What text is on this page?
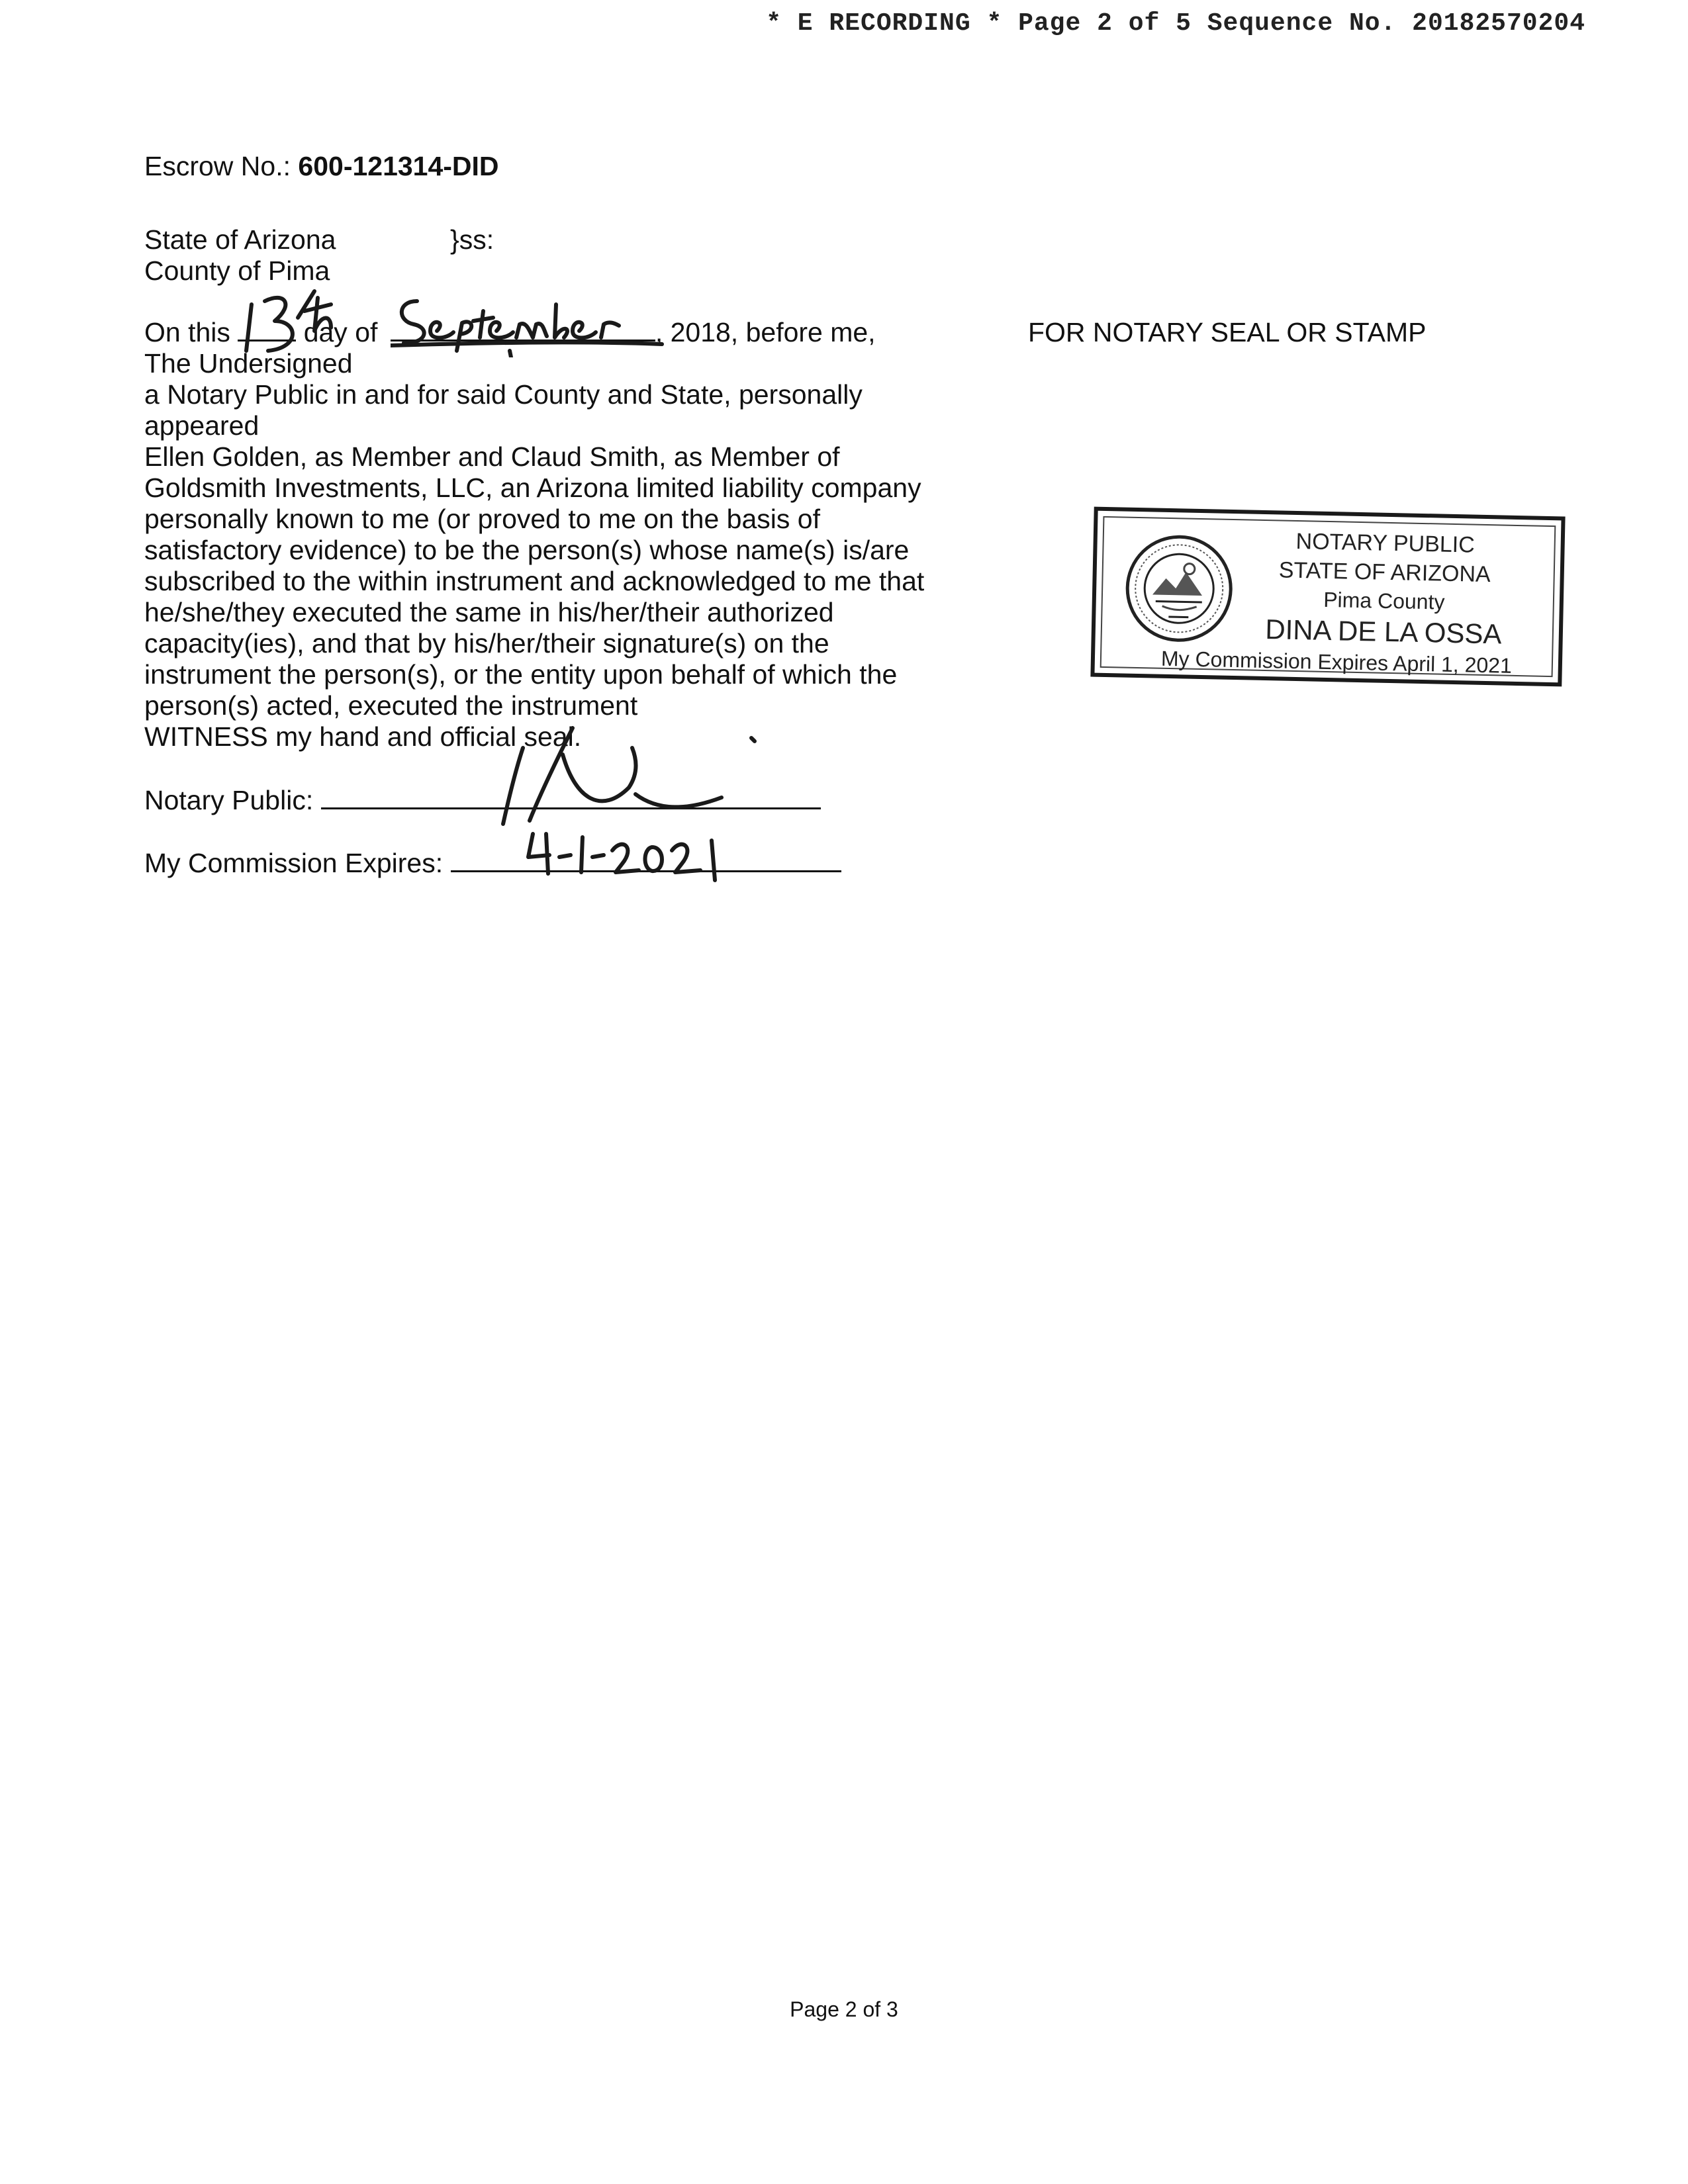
* E RECORDING * Page 2 of 5 Sequence No. 20182570204
Escrow No.: 600-121314-DID
State of Arizona	}ss:
County of Pima
On this	day of	, 2018, before me,
The Undersigned
a Notary Public in and for said County and State, personally
appeared
Ellen Golden, as Member and Claud Smith, as Member of
Goldsmith Investments, LLC, an Arizona limited liability company
personally known to me (or proved to me on the basis of
satisfactory evidence) to be the person(s) whose name(s) is/are
subscribed to the within instrument and acknowledged to me that
he/she/they executed the same in his/her/their authorized
capacity(ies), and that by his/her/their signature(s) on the
instrument the person(s), or the entity upon behalf of which the
person(s) acted, executed the instrument
WITNESS my hand and official seal.
Notary Public:
My Commission Expires:
FOR NOTARY SEAL OR STAMP
NOTARY PUBLIC
STATE OF ARIZONA
Pima County
DINA DE LA OSSA
My Commission Expires April 1, 2021
Page 2 of 3
